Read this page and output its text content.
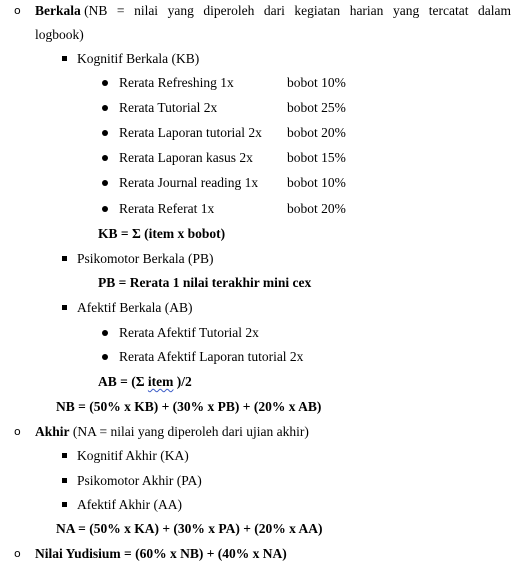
o Berkala (NB = nilai yang diperoleh dari kegiatan harian yang tercatat dalam
logbook)
Kognitif Berkala (KB)
Rerata Refreshing 1x	bobot 10%
Rerata Tutorial 2x	bobot 25%
Rerata Laporan tutorial 2x bobot 20%
Rerata Laporan kasus 2x	bobot 15%
Rerata Journal reading 1x bobot 10%
Rerata Referat 1x	bobot 20%
KB = Σ (item x bobot)
Psikomotor Berkala (PB)
PB = Rerata 1 nilai terakhir mini cex
Afektif Berkala (AB)
Rerata Afektif Tutorial 2x
Rerata Afektif Laporan tutorial 2x
AB = (Σ item )/2
NB = (50% x KB) + (30% x PB) + (20% x AB)
o Akhir (NA = nilai yang diperoleh dari ujian akhir)
Kognitif Akhir (KA)
Psikomotor Akhir (PA)
Afektif Akhir (AA)
NA = (50% x KA) + (30% x PA) + (20% x AA)
o Nilai Yudisium = (60% x NB) + (40% x NA)
